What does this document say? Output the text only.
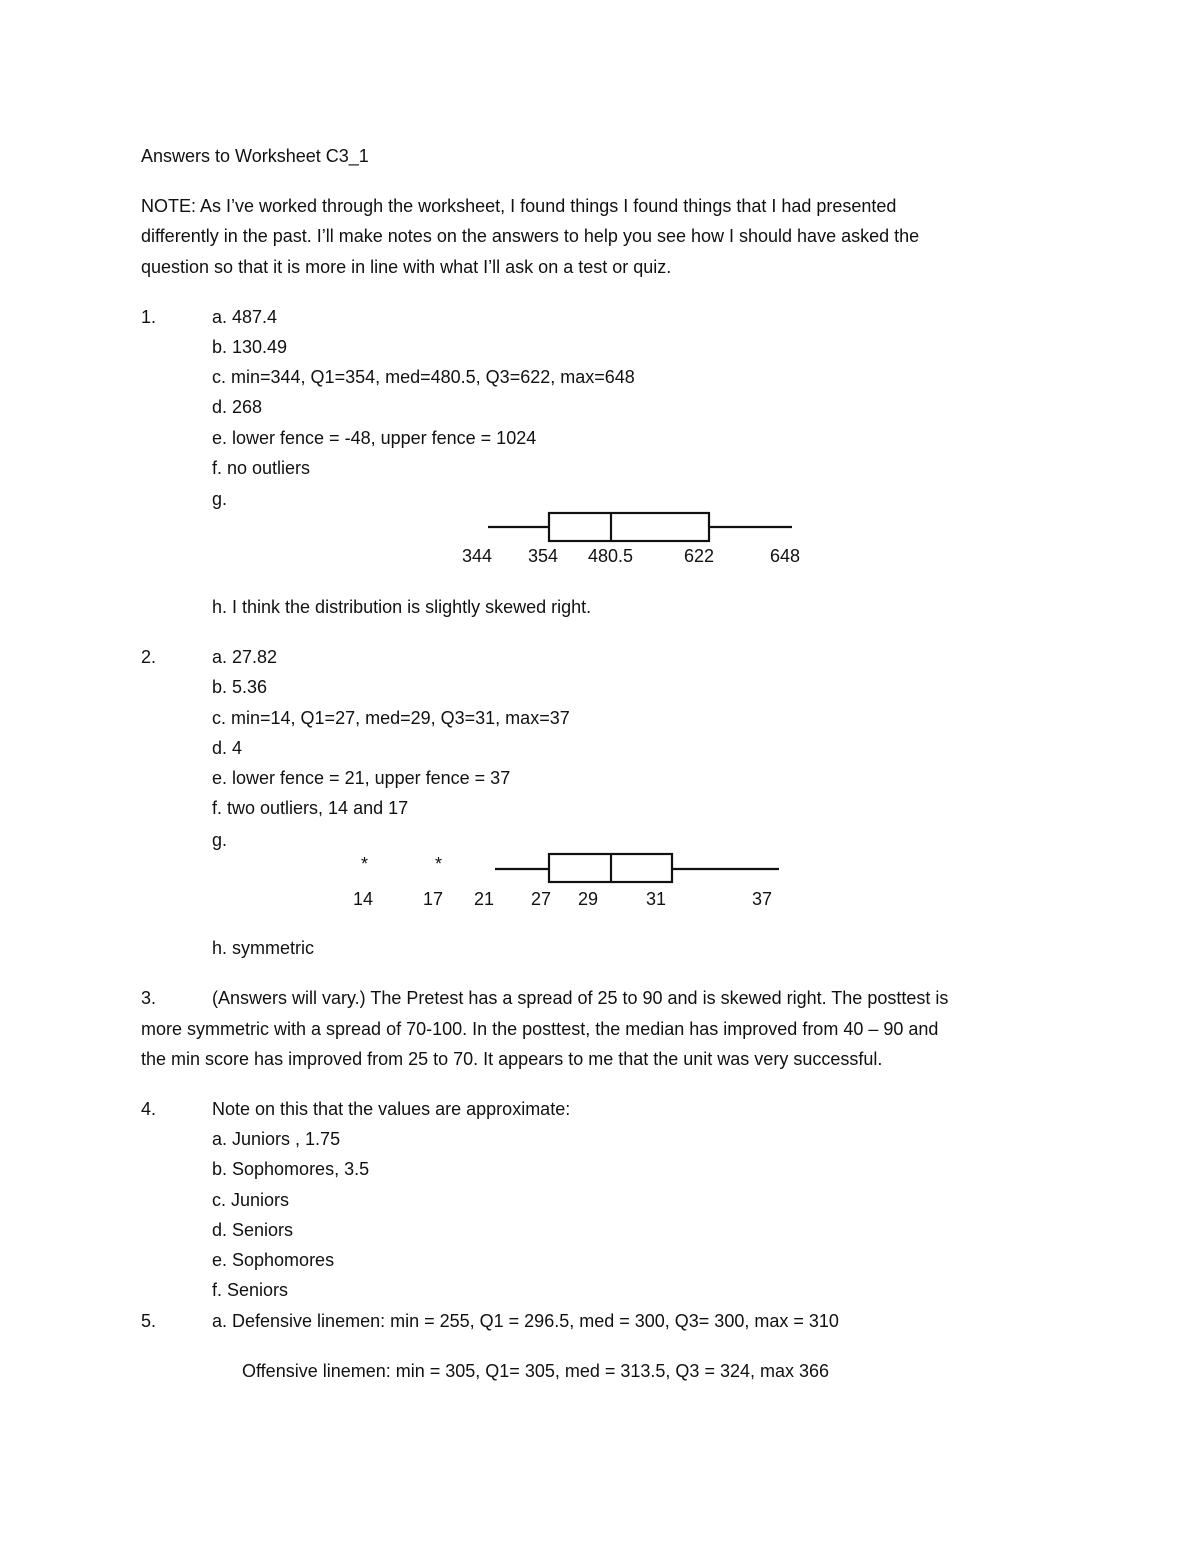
Answers to Worksheet C3_1
NOTE: As I’ve worked through the worksheet, I found things I found things that I had presented
differently in the past. I’ll make notes on the answers to help you see how I should have asked the
question so that it is more in line with what I’ll ask on a test or quiz.
1.	a. 487.4
b. 130.49
c. min=344, Q1=354, med=480.5, Q3=622, max=648
d. 268
e. lower fence = -48, upper fence = 1024
f. no outliers
g.
344 354 480.5	622	648
h. I think the distribution is slightly skewed right.
2.	a. 27.82
b. 5.36
c. min=14, Q1=27, med=29, Q3=31, max=37
d. 4
e. lower fence = 21, upper fence = 37
f. two outliers, 14 and 17
g.
*	*
14	17 21 27 29	31	37
h. symmetric
3.	(Answers will vary.) The Pretest has a spread of 25 to 90 and is skewed right. The posttest is
more symmetric with a spread of 70-100. In the posttest, the median has improved from 40 – 90 and
the min score has improved from 25 to 70. It appears to me that the unit was very successful.
4.	Note on this that the values are approximate:
a. Juniors , 1.75
b. Sophomores, 3.5
c. Juniors
d. Seniors
e. Sophomores
f. Seniors
5.	a. Defensive linemen: min = 255, Q1 = 296.5, med = 300, Q3= 300, max = 310
Offensive linemen: min = 305, Q1= 305, med = 313.5, Q3 = 324, max 366
